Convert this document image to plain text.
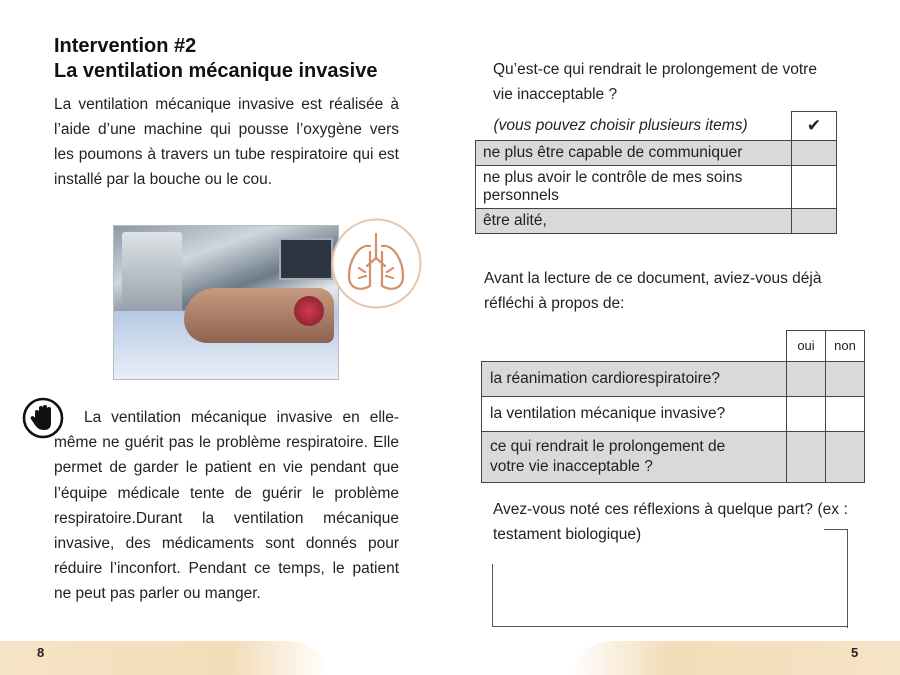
Intervention #2
La ventilation mécanique invasive
La ventilation mécanique invasive est réalisée à l’aide d’une machine qui pousse l’oxygène vers les poumons à travers un tube respiratoire qui est installé par la bouche ou le cou.
La ventilation mécanique invasive en elle-même ne guérit pas le problème respiratoire. Elle permet de garder le patient en vie pendant que l’équipe médicale tente de guérir le problème respiratoire.Durant la ventilation mécanique invasive, des médicaments sont donnés pour réduire l’inconfort. Pendant ce temps, le patient ne peut pas parler ou manger.
8	5
Qu’est-ce qui rendrait le prolongement de votre vie inacceptable ?
(vous pouvez choisir plusieurs items)	✔
ne plus être capable de communiquer	
ne plus avoir le contrôle de mes soins personnels	
être alité,	
Avant la lecture de ce document, aviez-vous déjà réfléchi à propos de:
	oui	non
la réanimation cardiorespiratoire?		
la ventilation mécanique invasive?		
ce qui rendrait le prolongement de votre vie inacceptable ?		
Avez-vous noté ces réflexions à quelque part? (ex : testament biologique)
